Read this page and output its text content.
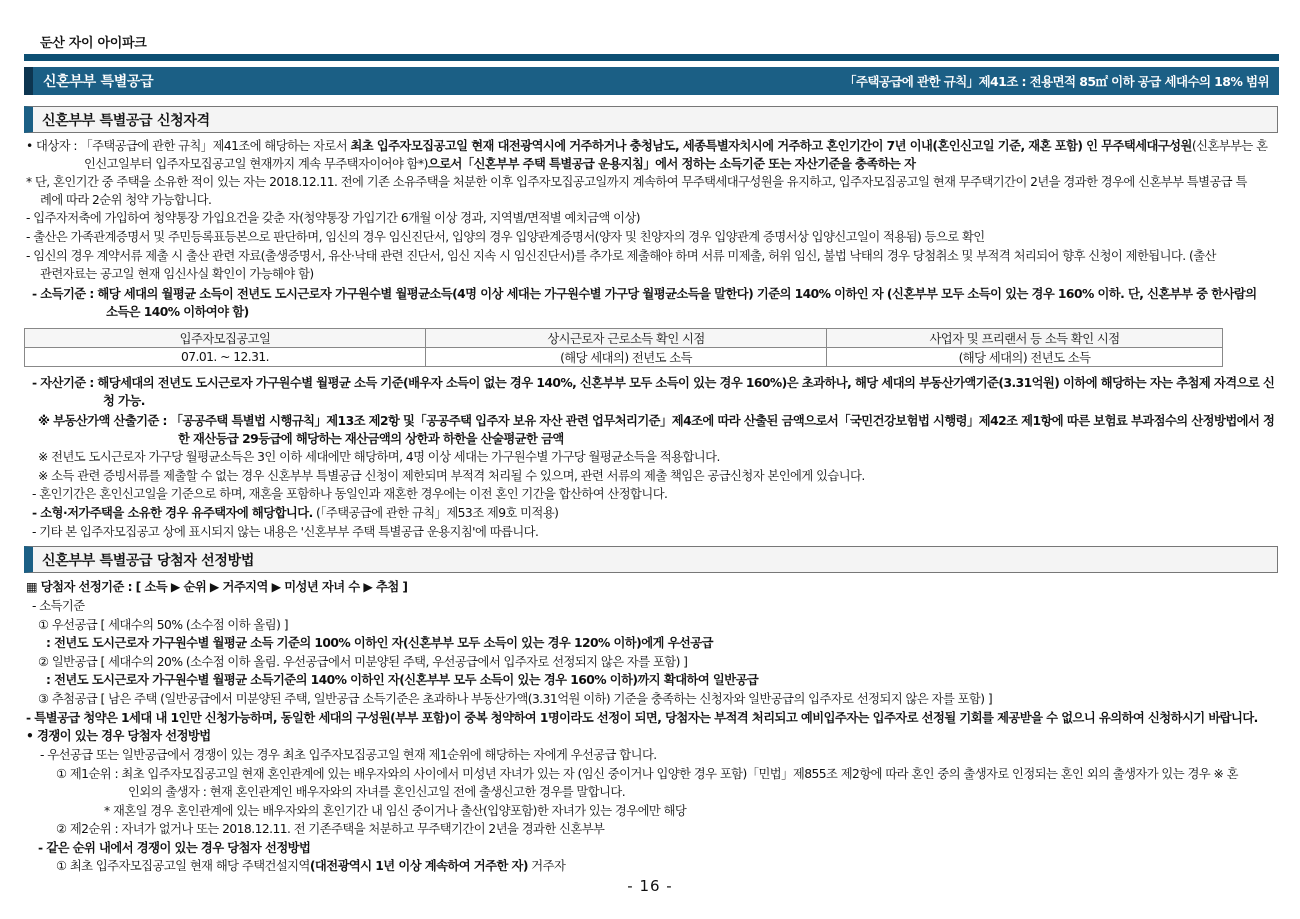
둔산 자이 아이파크
신혼부부 특별공급	「주택공급에 관한 규칙」제41조 : 전용면적 85㎡ 이하 공급 세대수의 18% 범위
신혼부부 특별공급 신청자격
• 대상자 : 「주택공급에 관한 규칙」제41조에 해당하는 자로서 최초 입주자모집공고일 현재 대전광역시에 거주하거나 충청남도, 세종특별자치시에 거주하고 혼인기간이 7년 이내(혼인신고일 기준, 재혼 포함) 인 무주택세대구성원(신혼부부는 혼
인신고일부터 입주자모집공고일 현재까지 계속 무주택자이어야 함*)으로서「신혼부부 주택 특별공급 운용지침」에서 정하는 소득기준 또는 자산기준을 충족하는 자
* 단, 혼인기간 중 주택을 소유한 적이 있는 자는 2018.12.11. 전에 기존 소유주택을 처분한 이후 입주자모집공고일까지 계속하여 무주택세대구성원을 유지하고, 입주자모집공고일 현재 무주택기간이 2년을 경과한 경우에 신혼부부 특별공급 특
례에 따라 2순위 청약 가능합니다.
- 입주자저축에 가입하여 청약통장 가입요건을 갖춘 자(청약통장 가입기간 6개월 이상 경과, 지역별/면적별 예치금액 이상)
- 출산은 가족관계증명서 및 주민등록표등본으로 판단하며, 임신의 경우 임신진단서, 입양의 경우 입양관계증명서(양자 및 친양자의 경우 입양관계 증명서상 입양신고일이 적용됨) 등으로 확인
- 임신의 경우 계약서류 제출 시 출산 관련 자료(출생증명서, 유산·낙태 관련 진단서, 임신 지속 시 임신진단서)를 추가로 제출해야 하며 서류 미제출, 허위 임신, 불법 낙태의 경우 당첨취소 및 부적격 처리되어 향후 신청이 제한됩니다. (출산
관련자료는 공고일 현재 임신사실 확인이 가능해야 함)
- 소득기준 : 해당 세대의 월평균 소득이 전년도 도시근로자 가구원수별 월평균소득(4명 이상 세대는 가구원수별 가구당 월평균소득을 말한다) 기준의 140% 이하인 자 (신혼부부 모두 소득이 있는 경우 160% 이하. 단, 신혼부부 중 한사람의
소득은 140% 이하여야 함)
입주자모집공고일	상시근로자 근로소득 확인 시점	사업자 및 프리랜서 등 소득 확인 시점
07.01. ~ 12.31.	(해당 세대의) 전년도 소득	(해당 세대의) 전년도 소득
- 자산기준 : 해당세대의 전년도 도시근로자 가구원수별 월평균 소득 기준(배우자 소득이 없는 경우 140%, 신혼부부 모두 소득이 있는 경우 160%)은 초과하나, 해당 세대의 부동산가액기준(3.31억원) 이하에 해당하는 자는 추첨제 자격으로 신
청 가능.
※ 부동산가액 산출기준 : 「공공주택 특별법 시행규칙」제13조 제2항 및「공공주택 입주자 보유 자산 관련 업무처리기준」제4조에 따라 산출된 금액으로서「국민건강보험법 시행령」제42조 제1항에 따른 보험료 부과점수의 산정방법에서 정
한 재산등급 29등급에 해당하는 재산금액의 상한과 하한을 산술평균한 금액
※ 전년도 도시근로자 가구당 월평균소득은 3인 이하 세대에만 해당하며, 4명 이상 세대는 가구원수별 가구당 월평균소득을 적용합니다.
※ 소득 관련 증빙서류를 제출할 수 없는 경우 신혼부부 특별공급 신청이 제한되며 부적격 처리될 수 있으며, 관련 서류의 제출 책임은 공급신청자 본인에게 있습니다.
- 혼인기간은 혼인신고일을 기준으로 하며, 재혼을 포함하나 동일인과 재혼한 경우에는 이전 혼인 기간을 합산하여 산정합니다.
- 소형·저가주택을 소유한 경우 유주택자에 해당합니다. (「주택공급에 관한 규칙」제53조 제9호 미적용)
- 기타 본 입주자모집공고 상에 표시되지 않는 내용은 '신혼부부 주택 특별공급 운용지침'에 따릅니다.
신혼부부 특별공급 당첨자 선정방법
▦ 당첨자 선정기준 : [ 소득 ▶ 순위 ▶ 거주지역 ▶ 미성년 자녀 수 ▶ 추첨 ]
- 소득기준
① 우선공급 [ 세대수의 50% (소수점 이하 올림) ]
: 전년도 도시근로자 가구원수별 월평균 소득 기준의 100% 이하인 자(신혼부부 모두 소득이 있는 경우 120% 이하)에게 우선공급
② 일반공급 [ 세대수의 20% (소수점 이하 올림. 우선공급에서 미분양된 주택, 우선공급에서 입주자로 선정되지 않은 자를 포함) ]
: 전년도 도시근로자 가구원수별 월평균 소득기준의 140% 이하인 자(신혼부부 모두 소득이 있는 경우 160% 이하)까지 확대하여 일반공급
③ 추첨공급 [ 남은 주택 (일반공급에서 미분양된 주택, 일반공급 소득기준은 초과하나 부동산가액(3.31억원 이하) 기준을 충족하는 신청자와 일반공급의 입주자로 선정되지 않은 자를 포함) ]
- 특별공급 청약은 1세대 내 1인만 신청가능하며, 동일한 세대의 구성원(부부 포함)이 중복 청약하여 1명이라도 선정이 되면, 당첨자는 부적격 처리되고 예비입주자는 입주자로 선정될 기회를 제공받을 수 없으니 유의하여 신청하시기 바랍니다.
• 경쟁이 있는 경우 당첨자 선정방법
- 우선공급 또는 일반공급에서 경쟁이 있는 경우 최초 입주자모집공고일 현재 제1순위에 해당하는 자에게 우선공급 합니다.
① 제1순위 : 최초 입주자모집공고일 현재 혼인관계에 있는 배우자와의 사이에서 미성년 자녀가 있는 자 (임신 중이거나 입양한 경우 포함)「민법」제855조 제2항에 따라 혼인 중의 출생자로 인정되는 혼인 외의 출생자가 있는 경우 ※ 혼
인외의 출생자 : 현재 혼인관계인 배우자와의 자녀를 혼인신고일 전에 출생신고한 경우를 말합니다.
* 재혼일 경우 혼인관계에 있는 배우자와의 혼인기간 내 임신 중이거나 출산(입양포함)한 자녀가 있는 경우에만 해당
② 제2순위 : 자녀가 없거나 또는 2018.12.11. 전 기존주택을 처분하고 무주택기간이 2년을 경과한 신혼부부
- 같은 순위 내에서 경쟁이 있는 경우 당첨자 선정방법
① 최초 입주자모집공고일 현재 해당 주택건설지역(대전광역시 1년 이상 계속하여 거주한 자) 거주자
- 16 -
